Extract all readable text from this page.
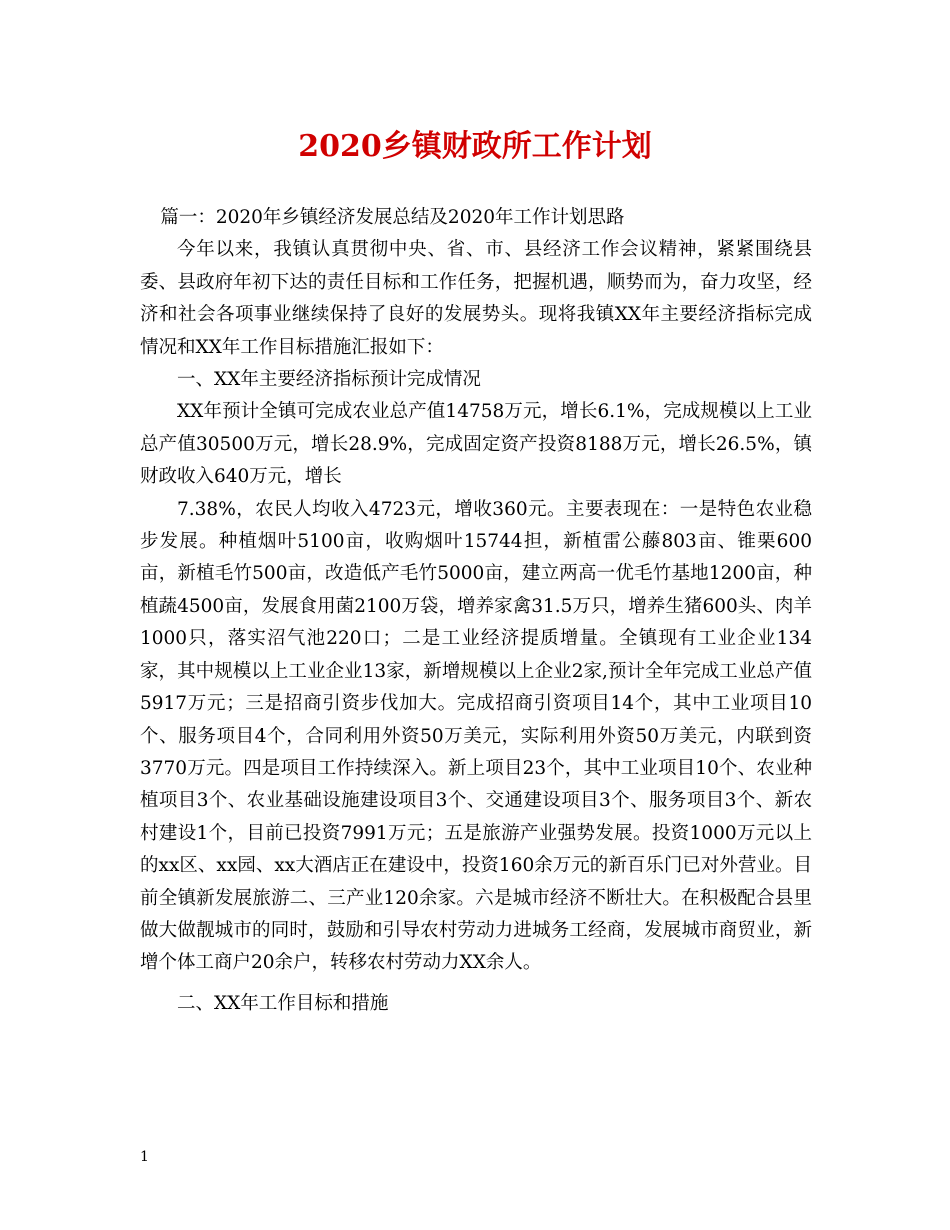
2020乡镇财政所工作计划

篇一：2020年乡镇经济发展总结及2020年工作计划思路

今年以来，我镇认真贯彻中央、省、市、县经济工作会议精神，紧紧围绕县委、县政府年初下达的责任目标和工作任务，把握机遇，顺势而为，奋力攻坚，经济和社会各项事业继续保持了良好的发展势头。现将我镇XX年主要经济指标完成情况和XX年工作目标措施汇报如下：

一、XX年主要经济指标预计完成情况

XX年预计全镇可完成农业总产值14758万元，增长6.1%，完成规模以上工业总产值30500万元，增长28.9%，完成固定资产投资8188万元，增长26.5%，镇财政收入640万元，增长

7.38%，农民人均收入4723元，增收360元。主要表现在：一是特色农业稳步发展。种植烟叶5100亩，收购烟叶15744担，新植雷公藤803亩、锥栗600亩，新植毛竹500亩，改造低产毛竹5000亩，建立两高一优毛竹基地1200亩，种植蔬4500亩，发展食用菌2100万袋，增养家禽31.5万只，增养生猪600头、肉羊1000只，落实沼气池220口；二是工业经济提质增量。全镇现有工业企业134家，其中规模以上工业企业13家，新增规模以上企业2家,预计全年完成工业总产值5917万元；三是招商引资步伐加大。完成招商引资项目14个，其中工业项目10个、服务项目4个，合同利用外资50万美元，实际利用外资50万美元，内联到资3770万元。四是项目工作持续深入。新上项目23个，其中工业项目10个、农业种植项目3个、农业基础设施建设项目3个、交通建设项目3个、服务项目3个、新农村建设1个，目前已投资7991万元；五是旅游产业强势发展。投资1000万元以上的xx区、xx园、xx大酒店正在建设中，投资160余万元的新百乐门已对外营业。目前全镇新发展旅游二、三产业120余家。六是城市经济不断壮大。在积极配合县里做大做靓城市的同时，鼓励和引导农村劳动力进城务工经商，发展城市商贸业，新增个体工商户20余户，转移农村劳动力XX余人。

二、XX年工作目标和措施

1
